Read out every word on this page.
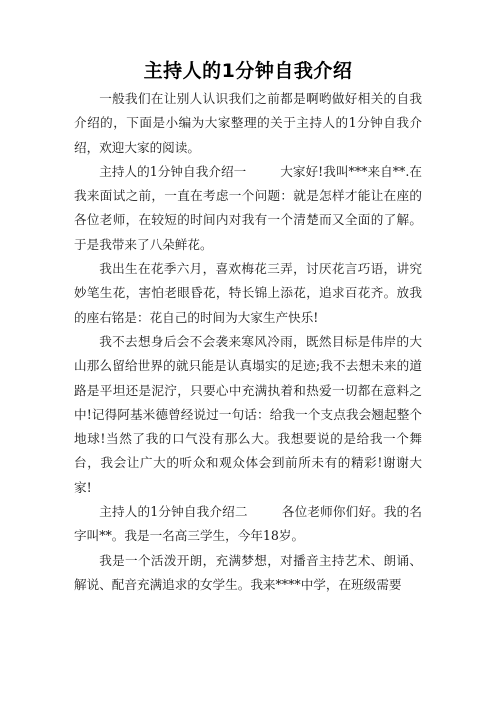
主持人的1分钟自我介绍

一般我们在让别人认识我们之前都是啊哟做好相关的自我介绍的，下面是小编为大家整理的关于主持人的1分钟自我介绍，欢迎大家的阅读。

主持人的1分钟自我介绍一	大家好!我叫***来自**.在我来面试之前，一直在考虑一个问题：就是怎样才能让在座的各位老师，在较短的时间内对我有一个清楚而又全面的了解。于是我带来了八朵鲜花。

我出生在花季六月，喜欢梅花三弄，讨厌花言巧语，讲究妙笔生花，害怕老眼昏花，特长锦上添花，追求百花齐。放我的座右铭是：花自己的时间为大家生产快乐!

我不去想身后会不会袭来寒风冷雨，既然目标是伟岸的大山那么留给世界的就只能是认真塌实的足迹;我不去想未来的道路是平坦还是泥泞，只要心中充满执着和热爱一切都在意料之中!记得阿基米德曾经说过一句话：给我一个支点我会翘起整个地球!当然了我的口气没有那么大。我想要说的是给我一个舞台，我会让广大的听众和观众体会到前所未有的精彩!谢谢大家!

主持人的1分钟自我介绍二	各位老师你们好。我的名字叫**。我是一名高三学生，今年18岁。

我是一个活泼开朗，充满梦想，对播音主持艺术、朗诵、解说、配音充满追求的女学生。我来****中学，在班级需要
